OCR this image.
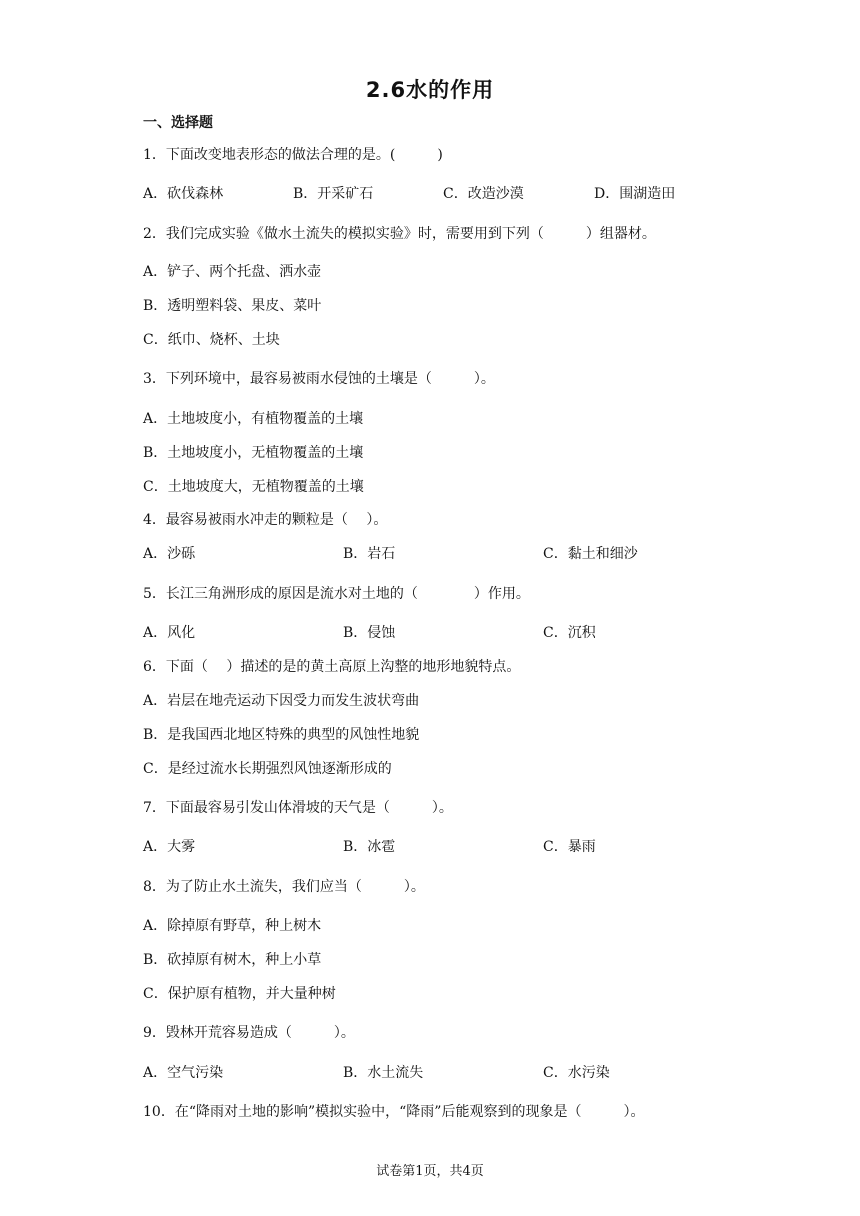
2.6水的作用
一、选择题
1．下面改变地表形态的做法合理的是。(　　　)
A．砍伐森林	B．开采矿石	C．改造沙漠	D．围湖造田
2．我们完成实验《做水土流失的模拟实验》时，需要用到下列（　　　）组器材。
A．铲子、两个托盘、洒水壶
B．透明塑料袋、果皮、菜叶
C．纸巾、烧杯、土块
3．下列环境中，最容易被雨水侵蚀的土壤是（　　　）。
A．土地坡度小，有植物覆盖的土壤
B．土地坡度小，无植物覆盖的土壤
C．土地坡度大，无植物覆盖的土壤
4．最容易被雨水冲走的颗粒是（　 ）。
A．沙砾	B．岩石	C．黏土和细沙
5．长江三角洲形成的原因是流水对土地的（　　　　）作用。
A．风化	B．侵蚀	C．沉积
6．下面（　 ）描述的是的黄土高原上沟整的地形地貌特点。
A．岩层在地壳运动下因受力而发生波状弯曲
B．是我国西北地区特殊的典型的风蚀性地貌
C．是经过流水长期强烈风蚀逐渐形成的
7．下面最容易引发山体滑坡的天气是（　　　）。
A．大雾	B．冰雹	C．暴雨
8．为了防止水土流失，我们应当（　　　）。
A．除掉原有野草，种上树木
B．砍掉原有树木，种上小草
C．保护原有植物，并大量种树
9．毁林开荒容易造成（　　　）。
A．空气污染	B．水土流失	C．水污染
10．在“降雨对土地的影响”模拟实验中，“降雨”后能观察到的现象是（　　　）。
试卷第1页，共4页
